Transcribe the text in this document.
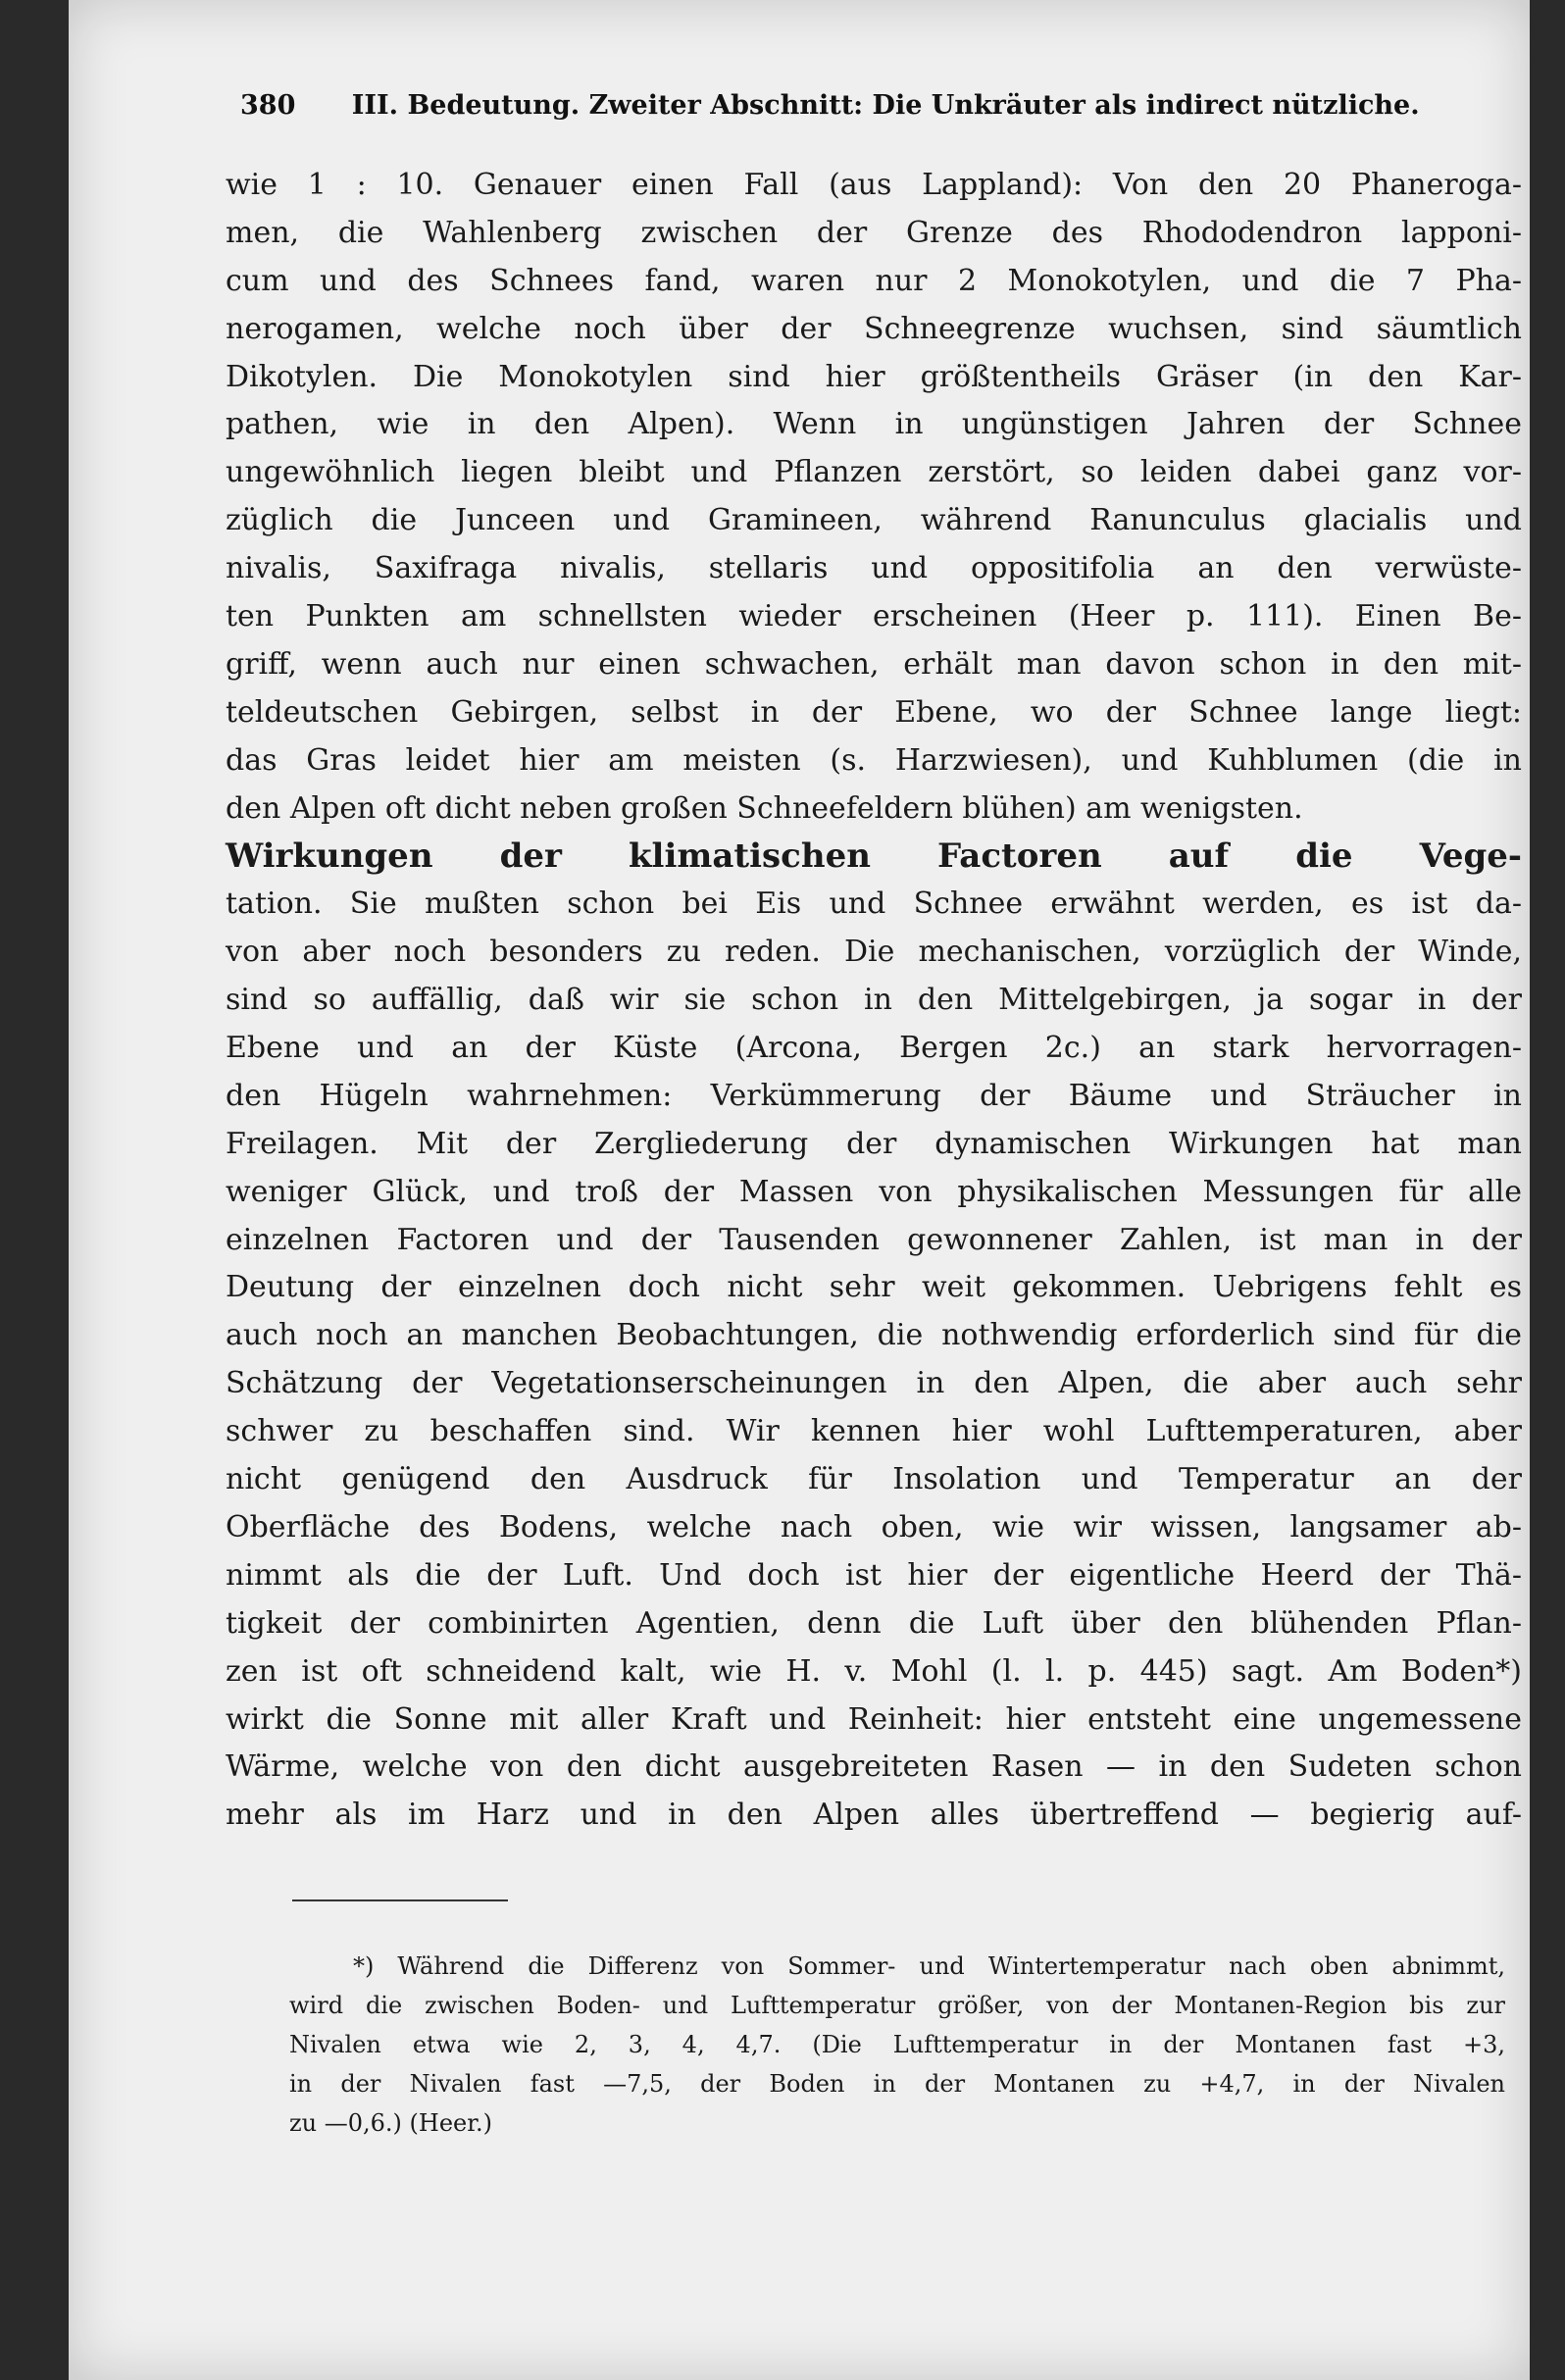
380 III. Bedeutung. Zweiter Abschnitt: Die Unkräuter als indirect nützliche.
wie 1 : 10. Genauer einen Fall (aus Lappland): Von den 20 Phanerogа-
men, die Wahlenberg zwischen der Grenze des Rhododendron lapponi-
cum und des Schnees fand, waren nur 2 Monokotylen, und die 7 Pha-
nerogamen, welche noch über der Schneegrenze wuchsen, sind säumtlich
Dikotylen. Die Monokotylen sind hier größtentheils Gräser (in den Kar-
pathen, wie in den Alpen). Wenn in ungünstigen Jahren der Schnee
ungewöhnlich liegen bleibt und Pflanzen zerstört, so leiden dabei ganz vor-
züglich die Junceen und Gramineen, während Ranunculus glacialis und
nivalis, Saxifraga nivalis, stellaris und oppositifolia an den verwüste-
ten Punkten am schnellsten wieder erscheinen (Heer p. 111). Einen Be-
griff, wenn auch nur einen schwachen, erhält man davon schon in den mit-
teldeutschen Gebirgen, selbst in der Ebene, wo der Schnee lange liegt:
das Gras leidet hier am meisten (s. Harzwiesen), und Kuhblumen (die in
den Alpen oft dicht neben großen Schneefeldern blühen) am wenigsten.
Wirkungen der klimatischen Factoren auf die Vege-
tation. Sie mußten schon bei Eis und Schnee erwähnt werden, es ist da-
von aber noch besonders zu reden. Die mechanischen, vorzüglich der Winde,
sind so auffällig, daß wir sie schon in den Mittelgebirgen, ja sogar in der
Ebene und an der Küste (Arcona, Bergen 2c.) an stark hervorragen-
den Hügeln wahrnehmen: Verkümmerung der Bäume und Sträucher in
Freilagen. Mit der Zergliederung der dynamischen Wirkungen hat man
weniger Glück, und troß der Massen von physikalischen Messungen für alle
einzelnen Factoren und der Tausenden gewonnener Zahlen, ist man in der
Deutung der einzelnen doch nicht sehr weit gekommen. Uebrigens fehlt es
auch noch an manchen Beobachtungen, die nothwendig erforderlich sind für die
Schätzung der Vegetationserscheinungen in den Alpen, die aber auch sehr
schwer zu beschaffen sind. Wir kennen hier wohl Lufttemperaturen, aber
nicht genügend den Ausdruck für Insolation und Temperatur an der
Oberfläche des Bodens, welche nach oben, wie wir wissen, langsamer ab-
nimmt als die der Luft. Und doch ist hier der eigentliche Heerd der Thä-
tigkeit der combinirten Agentien, denn die Luft über den blühenden Pflan-
zen ist oft schneidend kalt, wie H. v. Mohl (l. l. p. 445) sagt. Am Boden*)
wirkt die Sonne mit aller Kraft und Reinheit: hier entsteht eine ungemessene
Wärme, welche von den dicht ausgebreiteten Rasen — in den Sudeten schon
mehr als im Harz und in den Alpen alles übertreffend — begierig auf-
*) Während die Differenz von Sommer- und Wintertemperatur nach oben abnimmt,
wird die zwischen Boden- und Lufttemperatur größer, von der Montanen-Region bis zur
Nivalen etwa wie 2, 3, 4, 4,7. (Die Lufttemperatur in der Montanen fast +3,
in der Nivalen fast —7,5, der Boden in der Montanen zu +4,7, in der Nivalen
zu —0,6.) (Heer.)
